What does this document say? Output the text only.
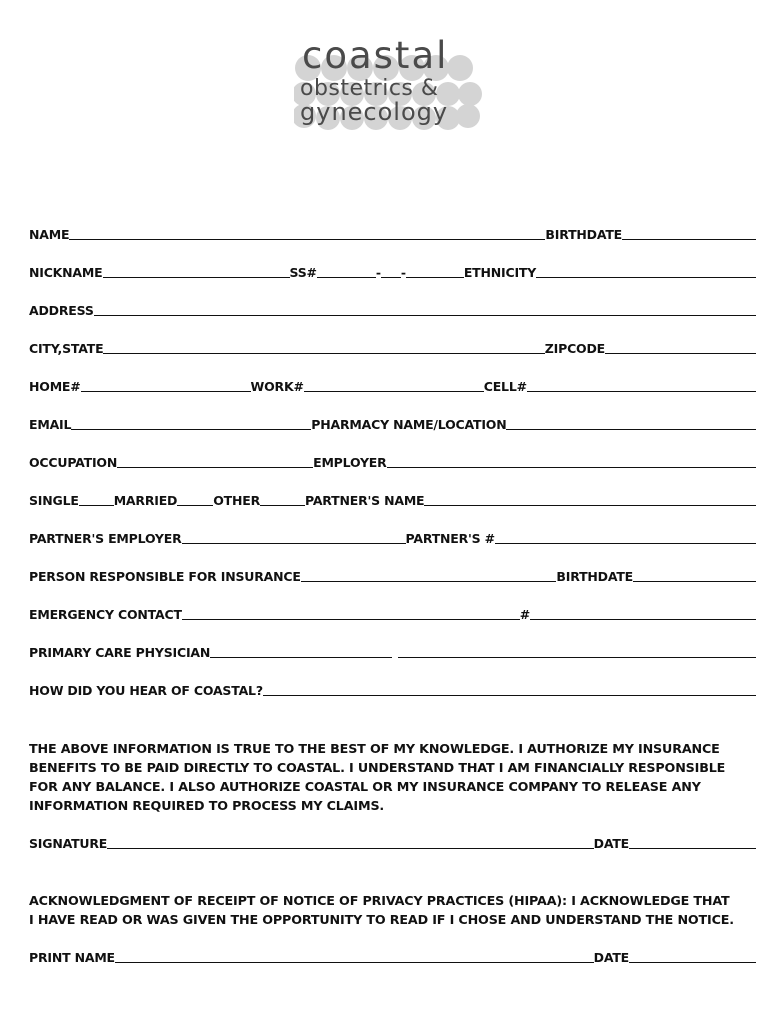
coastal
obstetrics &
gynecology
NAME	BIRTHDATE
NICKNAME	SS#	- -	ETHNICITY
ADDRESS
CITY,STATE	ZIPCODE
HOME#	WORK#	CELL#
EMAIL	PHARMACY NAME/LOCATION
OCCUPATION	EMPLOYER
SINGLE	MARRIED	OTHER	PARTNER'S NAME
PARTNER'S EMPLOYER	PARTNER'S #
PERSON RESPONSIBLE FOR INSURANCE	BIRTHDATE
EMERGENCY CONTACT	#
PRIMARY CARE PHYSICIAN
HOW DID YOU HEAR OF COASTAL?
THE ABOVE INFORMATION IS TRUE TO THE BEST OF MY KNOWLEDGE. I AUTHORIZE MY INSURANCE
BENEFITS TO BE PAID DIRECTLY TO COASTAL. I UNDERSTAND THAT I AM FINANCIALLY RESPONSIBLE
FOR ANY BALANCE. I ALSO AUTHORIZE COASTAL OR MY INSURANCE COMPANY TO RELEASE ANY
INFORMATION REQUIRED TO PROCESS MY CLAIMS.
SIGNATURE	DATE
ACKNOWLEDGMENT OF RECEIPT OF NOTICE OF PRIVACY PRACTICES (HIPAA): I ACKNOWLEDGE THAT
I HAVE READ OR WAS GIVEN THE OPPORTUNITY TO READ IF I CHOSE AND UNDERSTAND THE NOTICE.
PRINT NAME	DATE
